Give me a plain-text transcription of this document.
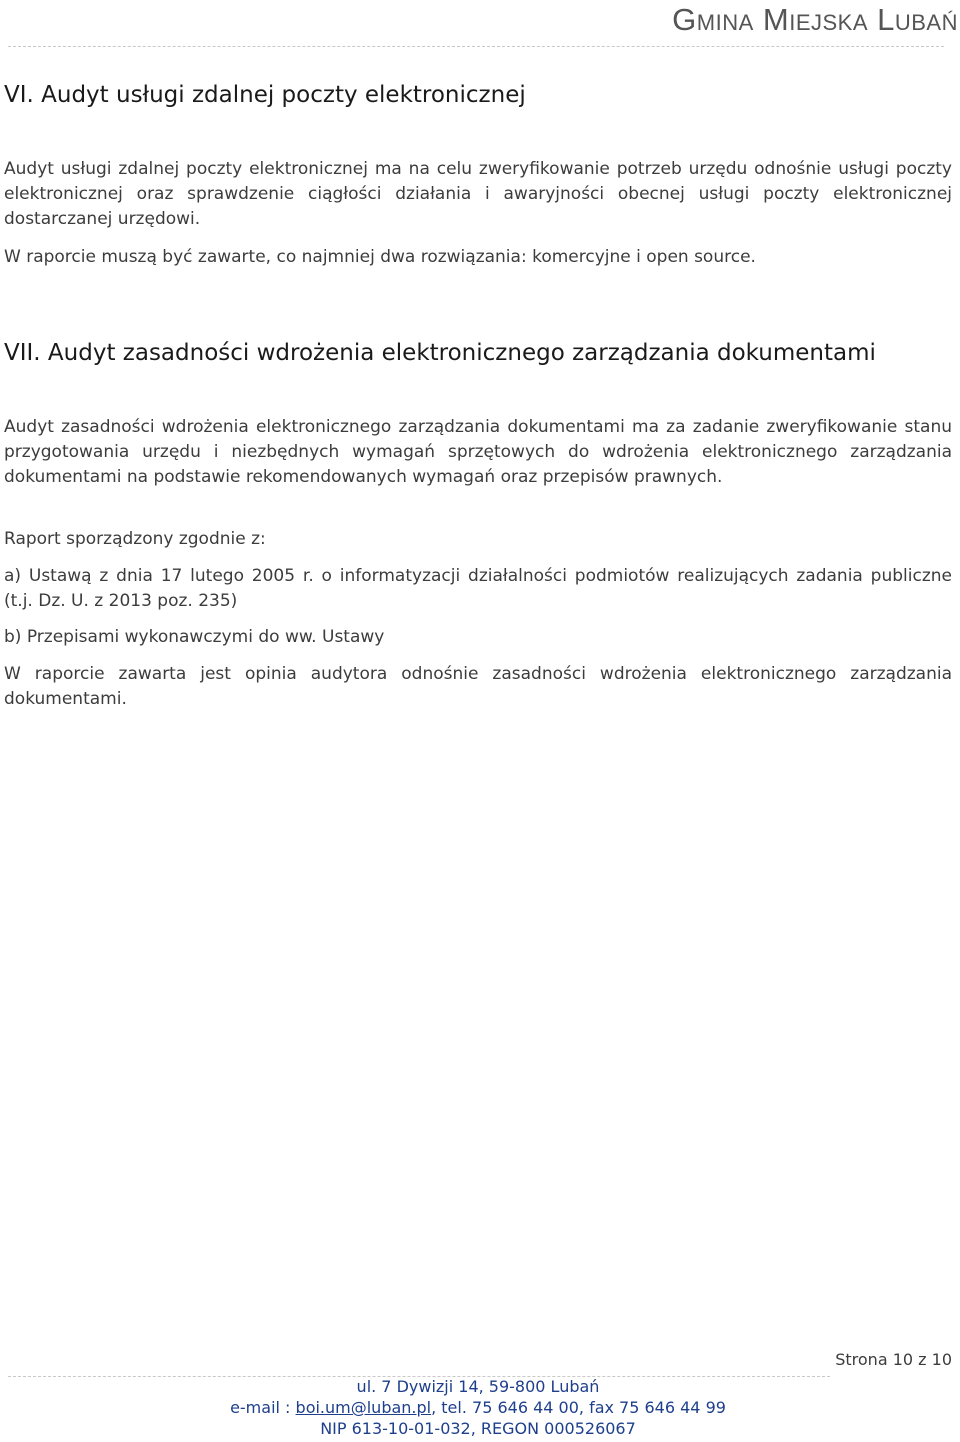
Gmina Miejska Lubań
VI. Audyt usługi zdalnej poczty elektronicznej

Audyt usługi zdalnej poczty elektronicznej ma na celu zweryfikowanie potrzeb urzędu odnośnie usługi poczty elektronicznej oraz sprawdzenie ciągłości działania i awaryjności obecnej usługi poczty elektronicznej dostarczanej urzędowi.

W raporcie muszą być zawarte, co najmniej dwa rozwiązania: komercyjne i open source.

VII. Audyt zasadności wdrożenia elektronicznego zarządzania dokumentami

Audyt zasadności wdrożenia elektronicznego zarządzania dokumentami ma za zadanie zweryfikowanie stanu przygotowania urzędu i niezbędnych wymagań sprzętowych do wdrożenia elektronicznego zarządzania dokumentami na podstawie rekomendowanych wymagań oraz przepisów prawnych.

Raport sporządzony zgodnie z:

a) Ustawą z dnia 17 lutego 2005 r. o informatyzacji działalności podmiotów realizujących zadania publiczne (t.j. Dz. U. z 2013 poz. 235)

b) Przepisami wykonawczymi do ww. Ustawy

W raporcie zawarta jest opinia audytora odnośnie zasadności wdrożenia elektronicznego zarządzania dokumentami.

Strona 10 z 10
ul. 7 Dywizji 14, 59-800 Lubań
e-mail : boi.um@luban.pl, tel. 75 646 44 00, fax 75 646 44 99
NIP 613-10-01-032, REGON 000526067
